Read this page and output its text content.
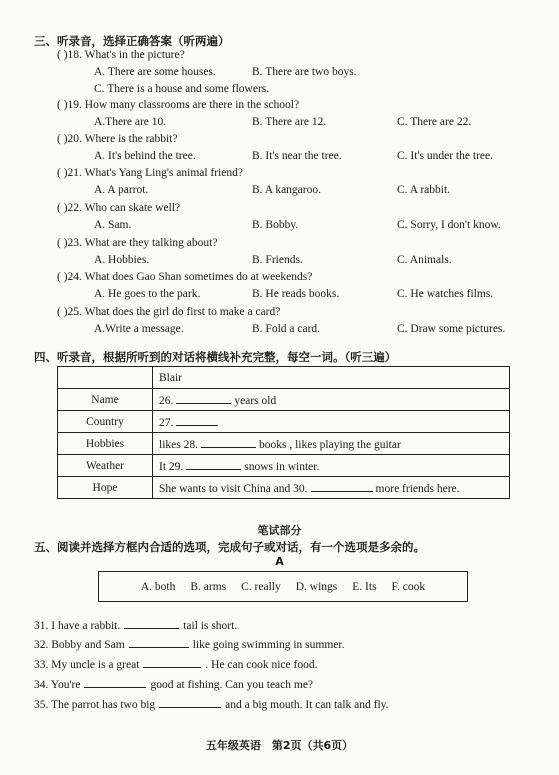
三、听录音，选择正确答案（听两遍）
( )18. What's in the picture?
A. There are some houses.	B. There are two boys.
C. There is a house and some flowers.
( )19. How many classrooms are there in the school?
A.There are 10.	B. There are 12.	C. There are 22.
( )20. Where is the rabbit?
A. It's behind the tree.	B. It's near the tree.	C. It's under the tree.
( )21. What's Yang Ling's animal friend?
A. A parrot.	B. A kangaroo.	C. A rabbit.
( )22. Who can skate well?
A. Sam.	B. Bobby.	C. Sorry, I don't know.
( )23. What are they talking about?
A. Hobbies.	B. Friends.	C. Animals.
( )24. What does Gao Shan sometimes do at weekends?
A. He goes to the park.	B. He reads books.	C. He watches films.
( )25. What does the girl do first to make a card?
A.Write a message.	B. Fold a card.	C. Draw some pictures.
四、听录音，根据所听到的对话将横线补充完整，每空一词。（听三遍）
	Blair
Name	26. years old
Country	27.
Hobbies	likes 28. books , likes playing the guitar
Weather	It 29. snows in winter.
Hope	She wants to visit China and 30. more friends here.
笔试部分
五、阅读并选择方框内合适的选项，完成句子或对话，有一个选项是多余的。
A
A. both B. arms C. really D. wings E. Its F. cook
31. I have a rabbit.	tail is short.
32. Bobby and Sam	like going swimming in summer.
33. My uncle is a great	. He can cook nice food.
34. You're	good at fishing. Can you teach me?
35. The parrot has two big	and a big mouth. It can talk and fly.
五年级英语　第2页（共6页）
